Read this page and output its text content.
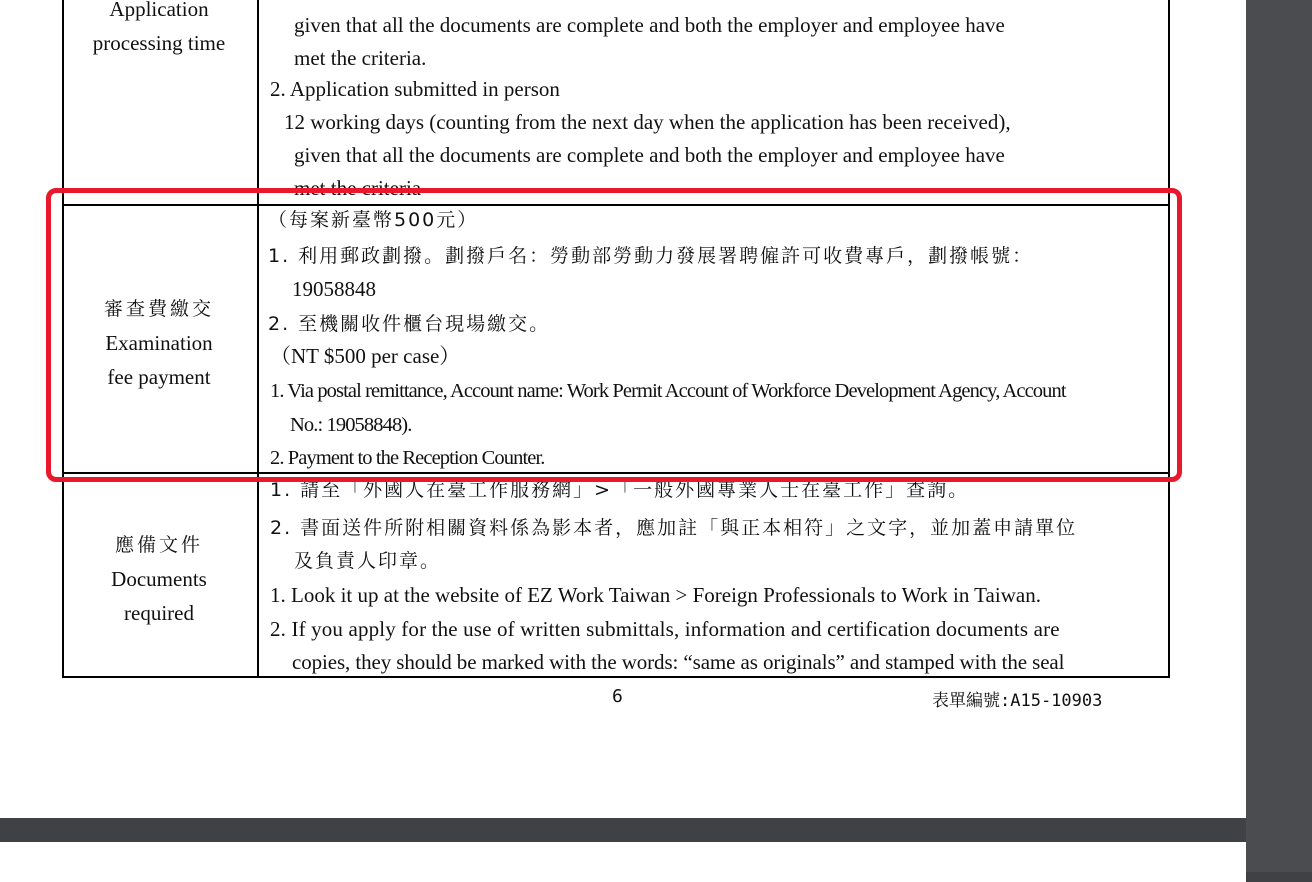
Application
processing time
given that all the documents are complete and both the employer and employee have
met the criteria.
2. Application submitted in person
12 working days (counting from the next day when the application has been received),
given that all the documents are complete and both the employer and employee have
met the criteria
審查費繳交
Examination
fee payment
（每案新臺幣500元）
1. 利用郵政劃撥。劃撥戶名：勞動部勞動力發展署聘僱許可收費專戶，劃撥帳號：
19058848
2. 至機關收件櫃台現場繳交。
（NT $500 per case）
1. Via postal remittance, Account name: Work Permit Account of Workforce Development Agency, Account
No.: 19058848).
2. Payment to the Reception Counter.
應備文件
Documents
required
1. 請至「外國人在臺工作服務網」>「一般外國專業人士在臺工作」查詢。
2. 書面送件所附相關資料係為影本者，應加註「與正本相符」之文字，並加蓋申請單位
及負責人印章。
1. Look it up at the website of EZ Work Taiwan > Foreign Professionals to Work in Taiwan.
2. If you apply for the use of written submittals, information and certification documents are
copies, they should be marked with the words: “same as originals” and stamped with the seal
6	表單編號:A15-10903
